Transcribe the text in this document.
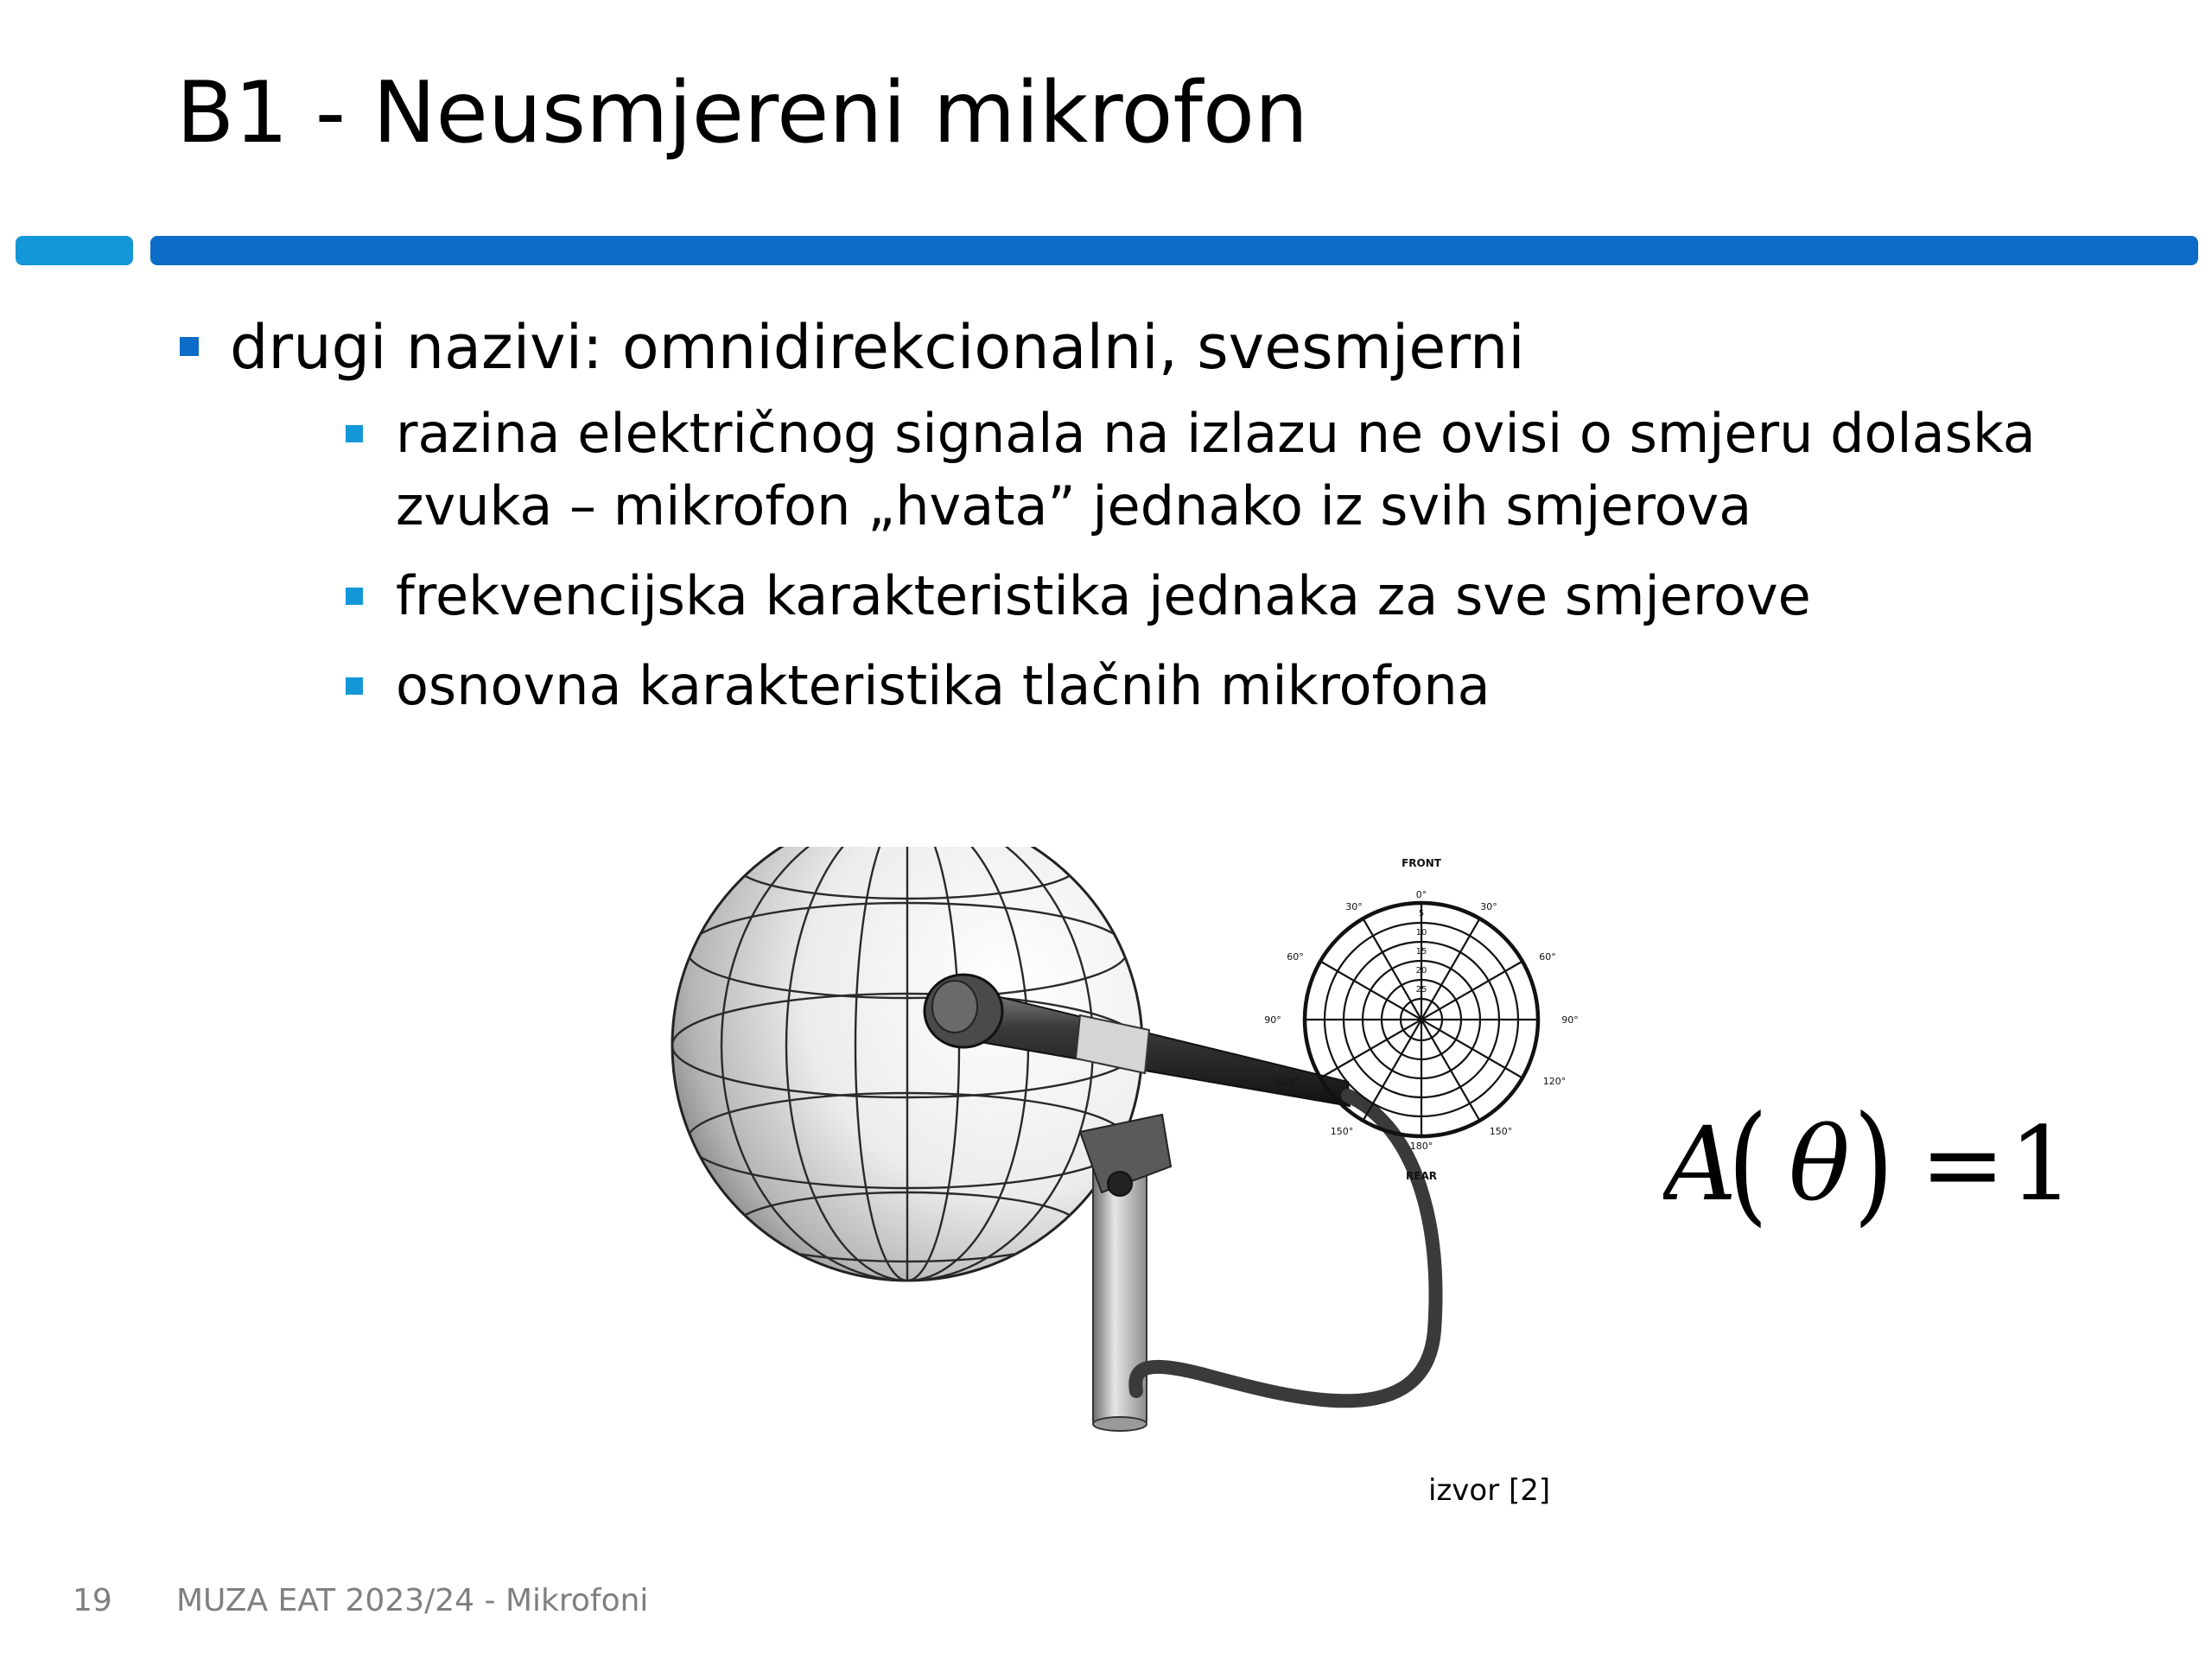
B1 - Neusmjereni mikrofon
drugi nazivi: omnidirekcionalni, svesmjerni
razina električnog signala na izlazu ne ovisi o smjeru dolaska zvuka – mikrofon „hvata” jednako iz svih smjerova
frekvencijska karakteristika jednaka za sve smjerove
osnovna karakteristika tlačnih mikrofona
FRONT
REAR
0°
30°	30°
60°	60°
90°	90°
120°	120°
150°	150°
180°
5
10
15
20
25
A
( θ ) = 1
izvor [2]
19 MUZA EAT 2023/24 - Mikrofoni
